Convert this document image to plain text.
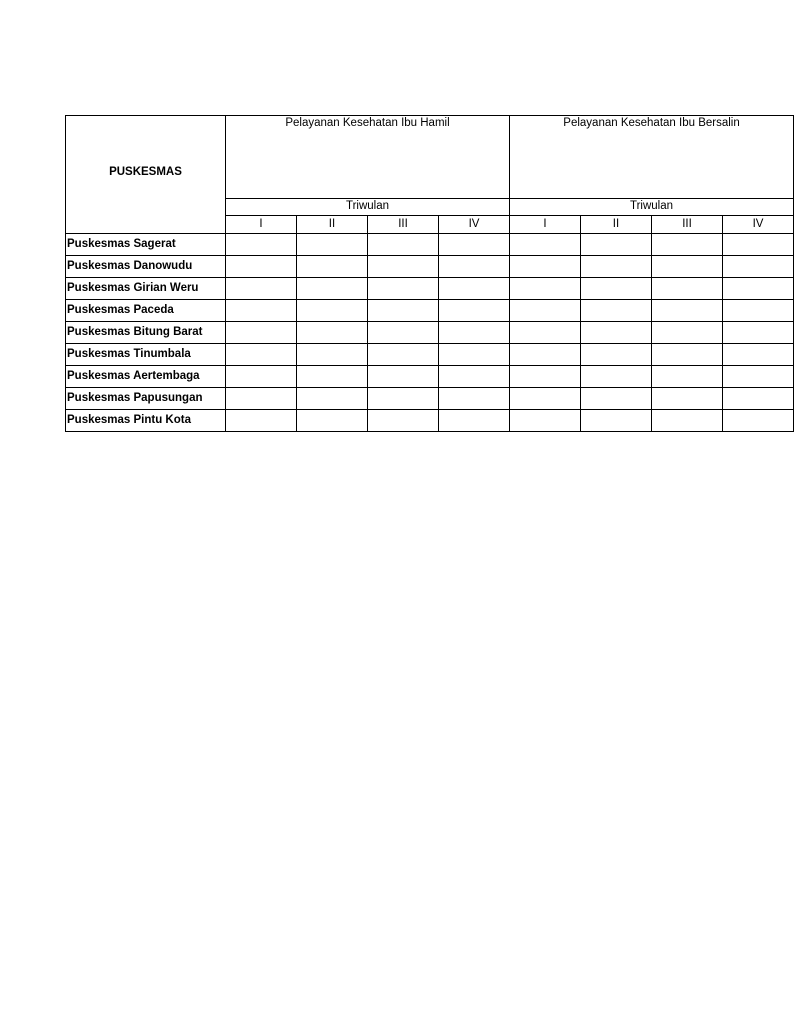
PUSKESMAS	Pelayanan Kesehatan Ibu Hamil				Pelayanan Kesehatan Ibu Bersalin			
	Triwulan				Triwulan			
	I	II	III	IV	I	II	III	IV
Puskesmas Sagerat								
Puskesmas Danowudu								
Puskesmas Girian Weru								
Puskesmas Paceda								
Puskesmas Bitung Barat								
Puskesmas Tinumbala								
Puskesmas Aertembaga								
Puskesmas Papusungan								
Puskesmas Pintu Kota								
